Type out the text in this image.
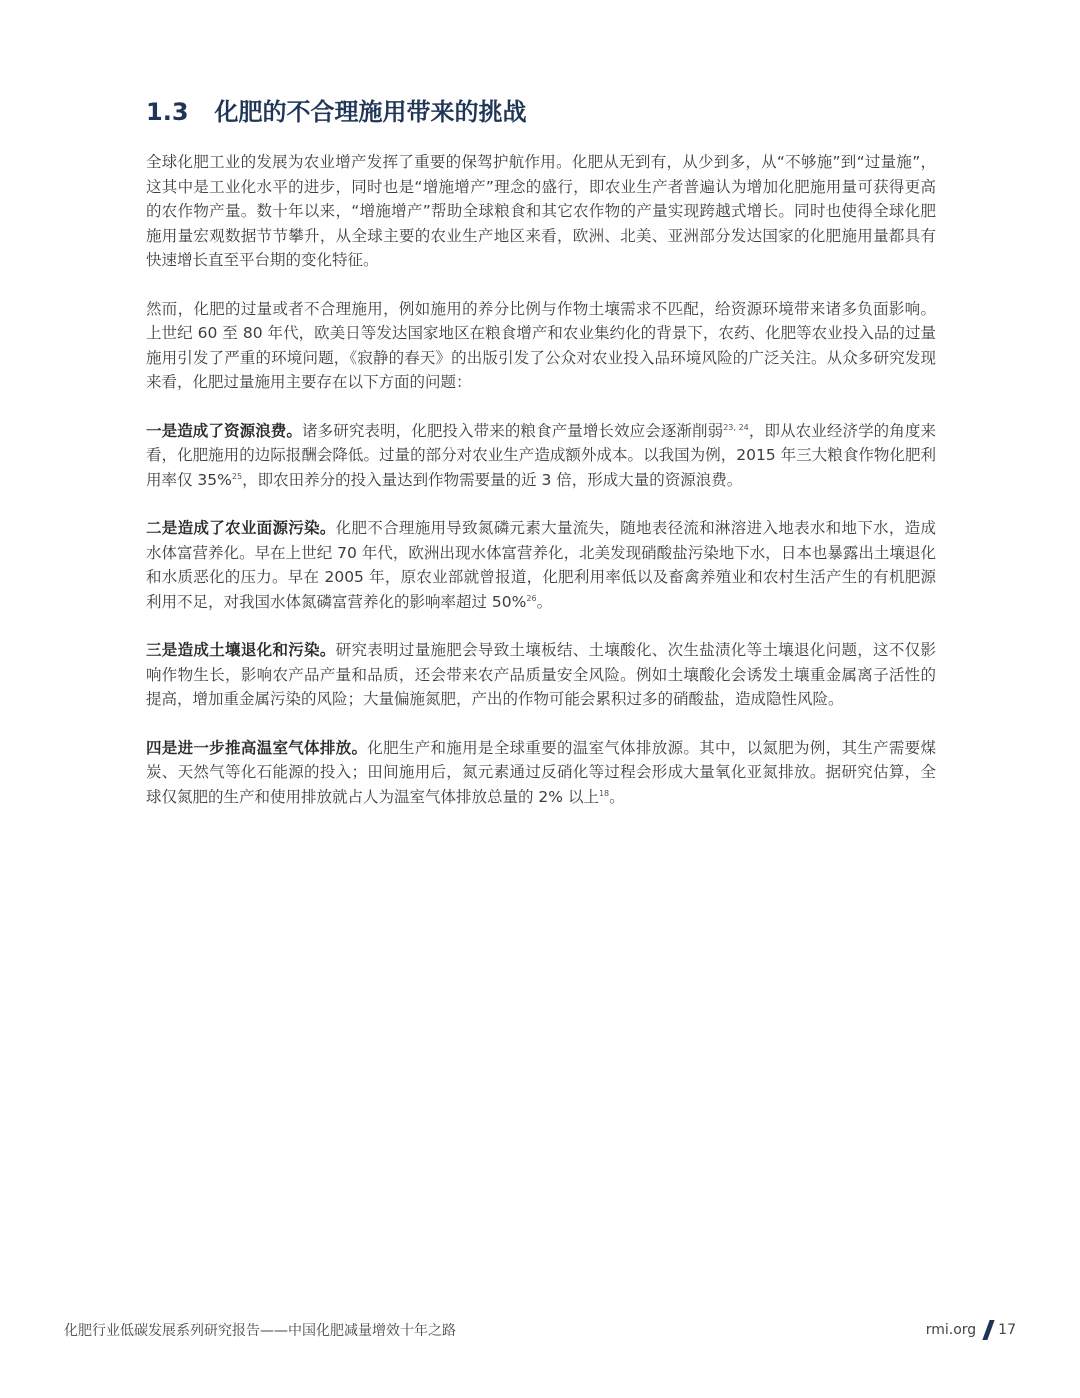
1.3 化肥的不合理施用带来的挑战

全球化肥工业的发展为农业增产发挥了重要的保驾护航作用。化肥从无到有，从少到多，从“不够施”到“过量施”，这其中是工业化水平的进步，同时也是“增施增产”理念的盛行，即农业生产者普遍认为增加化肥施用量可获得更高的农作物产量。数十年以来，“增施增产”帮助全球粮食和其它农作物的产量实现跨越式增长。同时也使得全球化肥施用量宏观数据节节攀升，从全球主要的农业生产地区来看，欧洲、北美、亚洲部分发达国家的化肥施用量都具有快速增长直至平台期的变化特征。

然而，化肥的过量或者不合理施用，例如施用的养分比例与作物土壤需求不匹配，给资源环境带来诸多负面影响。上世纪 60 至 80 年代，欧美日等发达国家地区在粮食增产和农业集约化的背景下，农药、化肥等农业投入品的过量施用引发了严重的环境问题，《寂静的春天》的出版引发了公众对农业投入品环境风险的广泛关注。从众多研究发现来看，化肥过量施用主要存在以下方面的问题：

一是造成了资源浪费。诸多研究表明，化肥投入带来的粮食产量增长效应会逐渐削弱$^{23, 24}$，即从农业经济学的角度来看，化肥施用的边际报酬会降低。过量的部分对农业生产造成额外成本。以我国为例，2015 年三大粮食作物化肥利用率仅 35%$^{25}$，即农田养分的投入量达到作物需要量的近 3 倍，形成大量的资源浪费。

二是造成了农业面源污染。化肥不合理施用导致氮磷元素大量流失，随地表径流和淋溶进入地表水和地下水，造成水体富营养化。早在上世纪 70 年代，欧洲出现水体富营养化，北美发现硝酸盐污染地下水，日本也暴露出土壤退化和水质恶化的压力。早在 2005 年，原农业部就曾报道，化肥利用率低以及畜禽养殖业和农村生活产生的有机肥源利用不足，对我国水体氮磷富营养化的影响率超过 50%$^{26}$。

三是造成土壤退化和污染。研究表明过量施肥会导致土壤板结、土壤酸化、次生盐渍化等土壤退化问题，这不仅影响作物生长，影响农产品产量和品质，还会带来农产品质量安全风险。例如土壤酸化会诱发土壤重金属离子活性的提高，增加重金属污染的风险；大量偏施氮肥，产出的作物可能会累积过多的硝酸盐，造成隐性风险。

四是进一步推高温室气体排放。化肥生产和施用是全球重要的温室气体排放源。其中，以氮肥为例，其生产需要煤炭、天然气等化石能源的投入；田间施用后，氮元素通过反硝化等过程会形成大量氧化亚氮排放。据研究估算，全球仅氮肥的生产和使用排放就占人为温室气体排放总量的 2% 以上$^{18}$。

化肥行业低碳发展系列研究报告——中国化肥减量增效十年之路	rmi.org 17
